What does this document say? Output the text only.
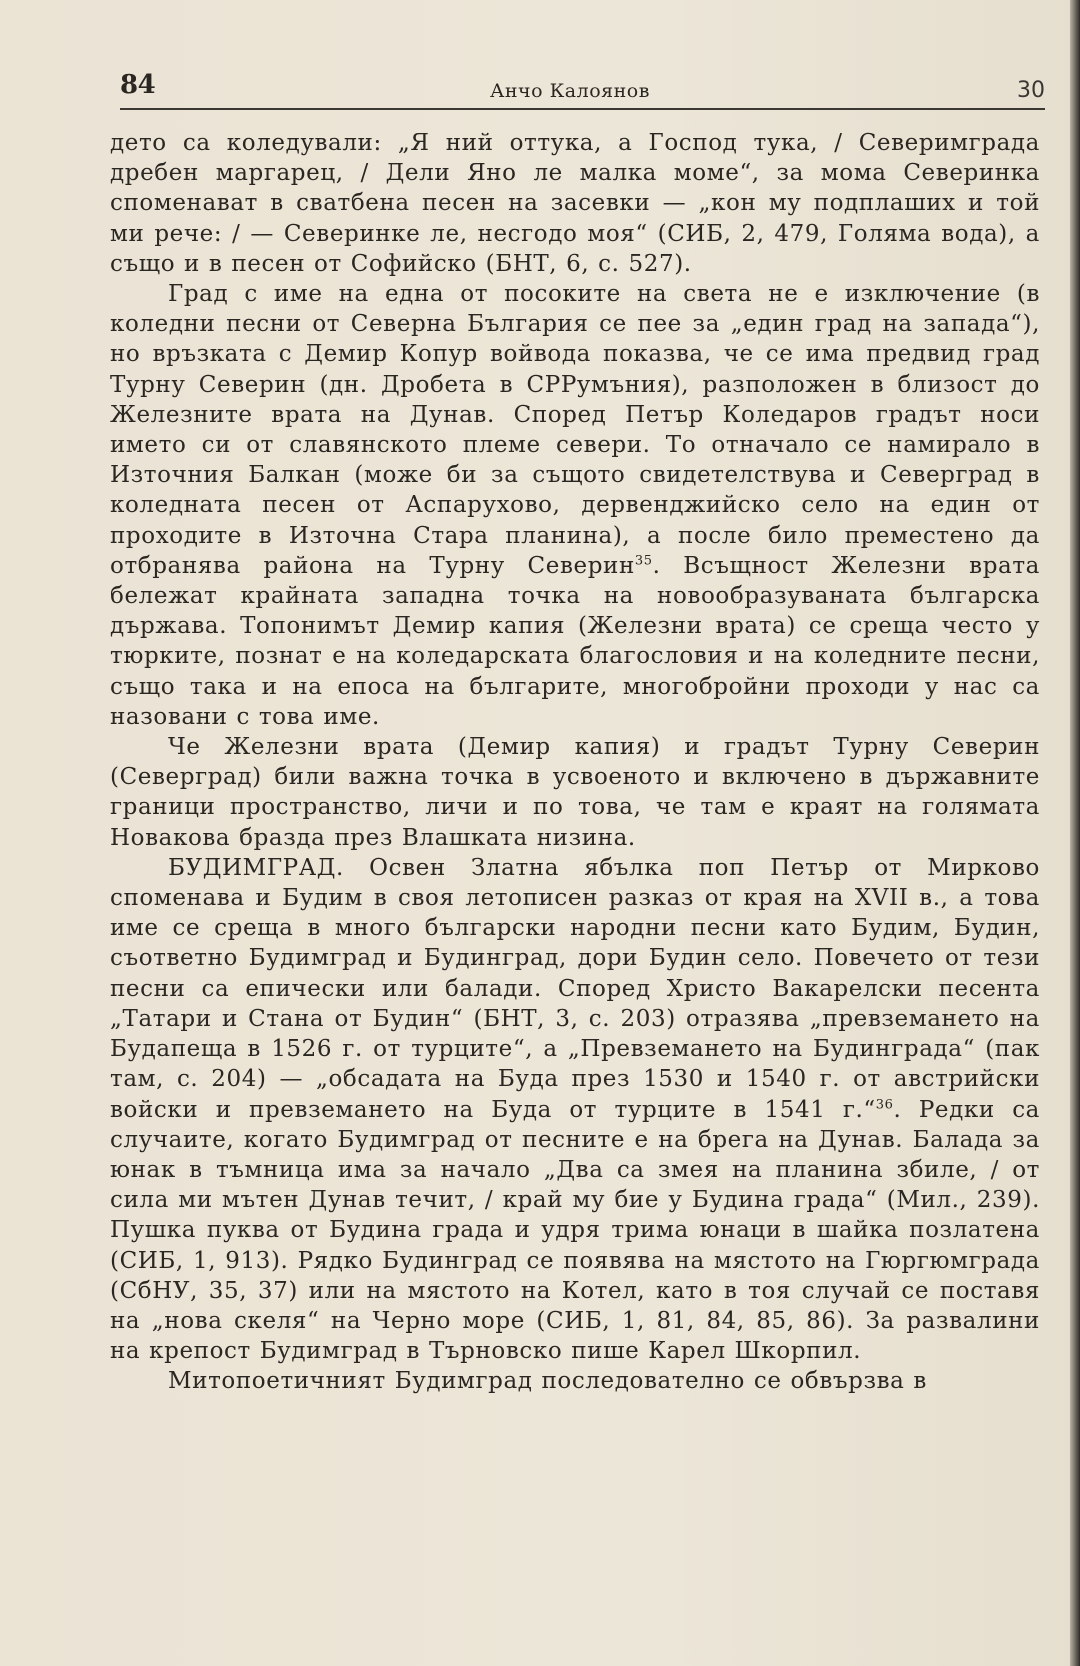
84	Анчо Калоянов	30

дето са коледували: „Я ний оттука, а Господ тука, / Северимграда дребен маргарец, / Дели Яно ле малка моме“, за мома Северинка споменават в сватбена песен на засевки — „кон му подплаших и той ми рече: / — Северинке ле, несгодо моя“ (СИБ, 2, 479, Голяма вода), а също и в песен от Софийско (БНТ, 6, с. 527).

Град с име на една от посоките на света не е изключение (в коледни песни от Северна България се пее за „един град на запада“), но връзката с Демир Копур войвода показва, че се има предвид град Турну Северин (дн. Дробета в СРРумъния), разположен в близост до Железните врата на Дунав. Според Петър Коледаров градът носи името си от славянското племе севери. То отначало се намирало в Източния Балкан (може би за същото свидетелствува и Северград в коледната песен от Аспарухово, дервенджийско село на един от проходите в Източна Стара планина), а после било преместено да отбранява района на Турну Северин$^{35}$. Всъщност Железни врата бележат крайната западна точка на новообразуваната българска държава. Топонимът Демир капия (Железни врата) се среща често у тюрките, познат е на коледарската благословия и на коледните песни, също така и на епоса на българите, многобройни проходи у нас са назовани с това име.

Че Железни врата (Демир капия) и градът Турну Северин (Северград) били важна точка в усвоеното и включено в държавните граници пространство, личи и по това, че там е краят на голямата Новакова бразда през Влашката низина.

БУДИМГРАД. Освен Златна ябълка поп Петър от Мирково споменава и Будим в своя летописен разказ от края на XVII в., а това име се среща в много български народни песни като Будим, Будин, съответно Будимград и Будинград, дори Будин село. Повечето от тези песни са епически или балади. Според Христо Вакарелски песента „Татари и Стана от Будин“ (БНТ, 3, с. 203) отразява „превземането на Будапеща в 1526 г. от турците“, а „Превземането на Будинграда“ (пак там, с. 204) — „обсадата на Буда през 1530 и 1540 г. от австрийски войски и превземането на Буда от турците в 1541 г.“$^{36}$. Редки са случаите, когато Будимград от песните е на брега на Дунав. Балада за юнак в тъмница има за начало „Два са змея на планина збиле, / от сила ми мътен Дунав течит, / край му бие у Будина града“ (Мил., 239). Пушка пуква от Будина града и удря трима юнаци в шайка позлатена (СИБ, 1, 913). Рядко Будинград се появява на мястото на Гюргюмграда (СбНУ, 35, 37) или на мястото на Котел, като в тоя случай се поставя на „нова скеля“ на Черно море (СИБ, 1, 81, 84, 85, 86). За развалини на крепост Будимград в Търновско пише Карел Шкорпил.

Митопоетичният Будимград последователно се обвързва в
